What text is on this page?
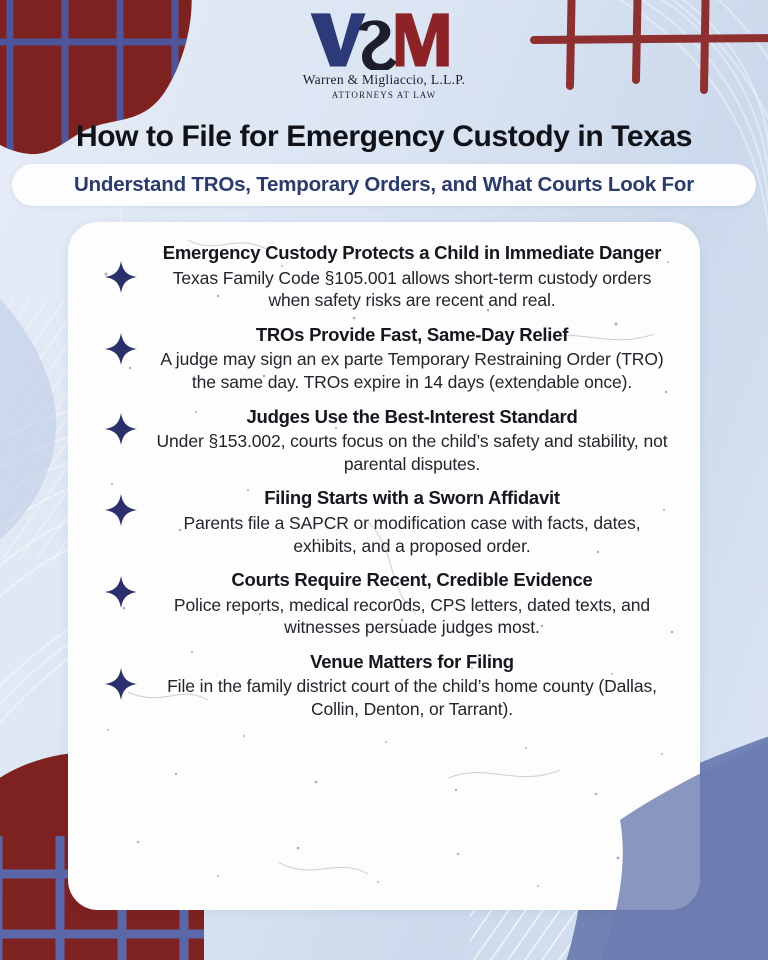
Warren & Migliaccio, L.L.P.
ATTORNEYS AT LAW
How to File for Emergency Custody in Texas
Understand TROs, Temporary Orders, and What Courts Look For

Emergency Custody Protects a Child in Immediate Danger

Texas Family Code §105.001 allows short-term custody orders when safety risks are recent and real.

TROs Provide Fast, Same-Day Relief

A judge may sign an ex parte Temporary Restraining Order (TRO) the same day. TROs expire in 14 days (extendable once).

Judges Use the Best-Interest Standard

Under §153.002, courts focus on the child’s safety and stability, not parental disputes.

Filing Starts with a Sworn Affidavit

Parents file a SAPCR or modification case with facts, dates, exhibits, and a proposed order.

Courts Require Recent, Credible Evidence

Police reports, medical recor0ds, CPS letters, dated texts, and witnesses persuade judges most.

Venue Matters for Filing

File in the family district court of the child’s home county (Dallas, Collin, Denton, or Tarrant).
